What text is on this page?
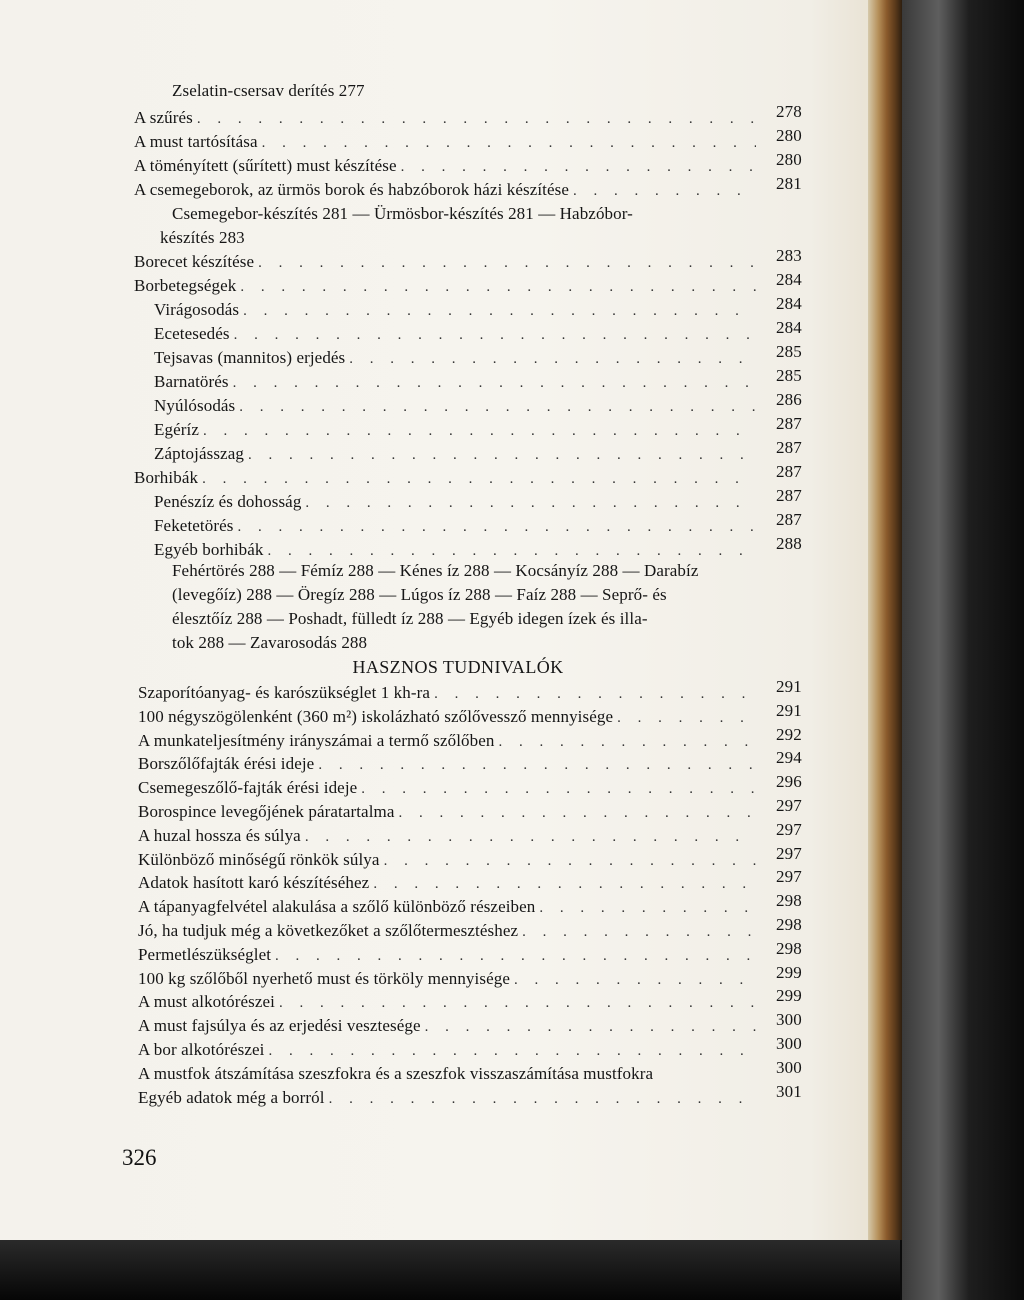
Zselatin-csersav derítés 277
A szűrés . . .	278
A must tartósítása . . .	280
A töményített (sűrített) must készítése . . .	280
A csemegeborok, az ürmös borok és habzóborok házi készítése . . .	281
Csemegebor-készítés 281 — Ürmösbor-készítés 281 — Habzóbor-
készítés 283
Borecet készítése . . .	283
Borbetegségek . . .	284
Virágosodás . . .	284
Ecetesedés . . .	284
Tejsavas (mannitos) erjedés . . .	285
Barnatörés . . .	285
Nyúlósodás . . .	286
Egéríz . . .	287
Záptojásszag . . .	287
Borhibák . . .	287
Penészíz és dohosság . . .	287
Feketetörés . . .	287
Egyéb borhibák . . .	288
Fehértörés 288 — Fémíz 288 — Kénes íz 288 — Kocsányíz 288 — Darabíz
(levegőíz) 288 — Öregíz 288 — Lúgos íz 288 — Faíz 288 — Seprő- és
élesztőíz 288 — Poshadt, fülledt íz 288 — Egyéb idegen ízek és illa-
tok 288 — Zavarosodás 288
HASZNOS TUDNIVALÓK
Szaporítóanyag- és karószükséglet 1 kh-ra . . .	291
100 négyszögölenként (360 m²) iskolázható szőlővessző mennyisége . . .	291
A munkateljesítmény irányszámai a termő szőlőben . . .	292
Borszőlőfajták érési ideje . . .	294
Csemegeszőlő-fajták érési ideje . . .	296
Borospince levegőjének páratartalma . . .	297
A huzal hossza és súlya . . .	297
Különböző minőségű rönkök súlya . . .	297
Adatok hasított karó készítéséhez . . .	297
A tápanyagfelvétel alakulása a szőlő különböző részeiben . . .	298
Jó, ha tudjuk még a következőket a szőlőtermesztéshez . . .	298
Permetlészükséglet . . .	298
100 kg szőlőből nyerhető must és törköly mennyisége . . .	299
A must alkotórészei . . .	299
A must fajsúlya és az erjedési vesztesége . . .	300
A bor alkotórészei . . .	300
A mustfok átszámítása szeszfokra és a szeszfok visszaszámítása mustfokra	300
Egyéb adatok még a borról . . .	301
326
